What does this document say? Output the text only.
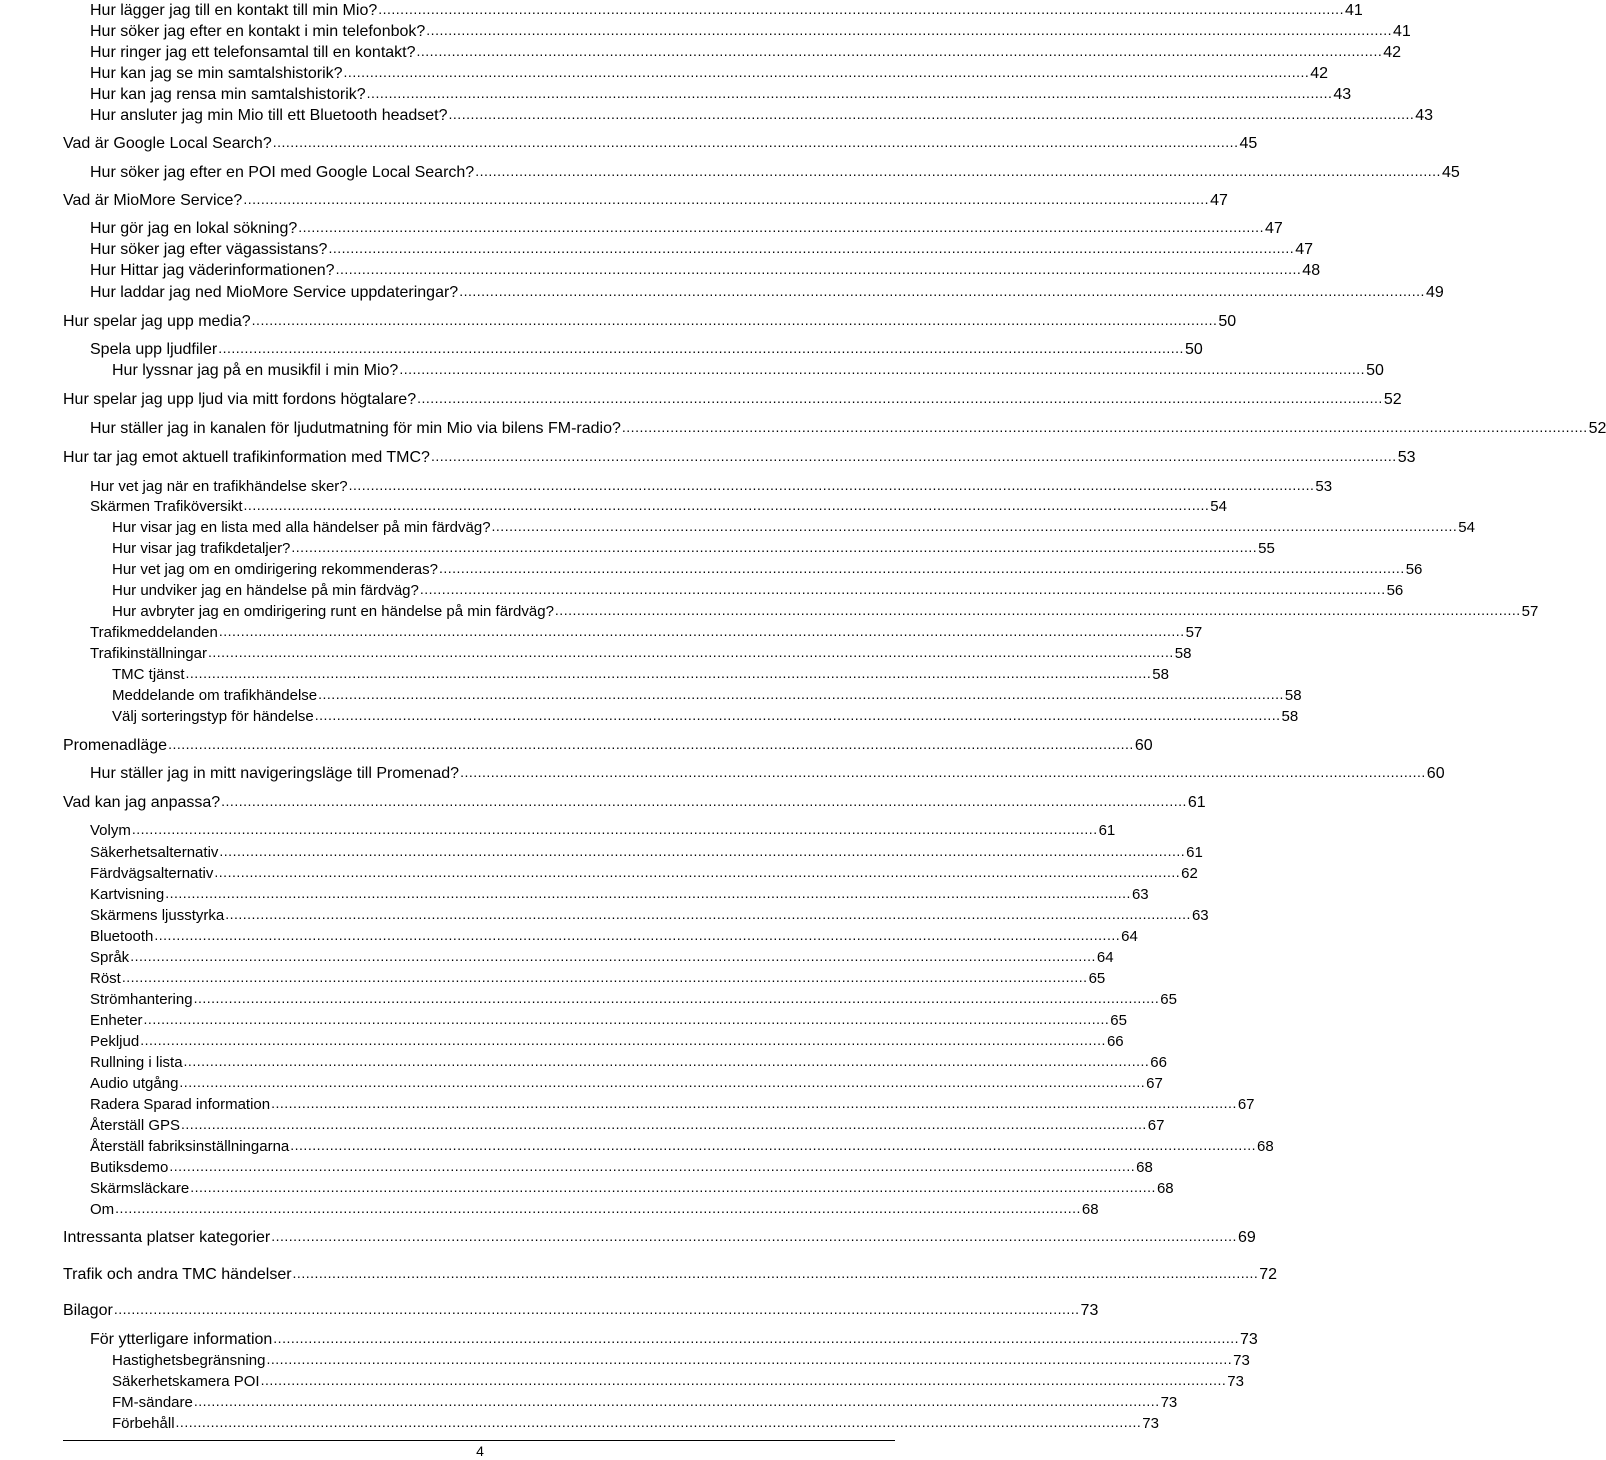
Hur lägger jag till en kontakt till min Mio? ............................................................................................................................................................................................................................ 41
Hur söker jag efter en kontakt i min telefonbok? ............................................................................................................................................................................................................................ 41
Hur ringer jag ett telefonsamtal till en kontakt? ............................................................................................................................................................................................................................ 42
Hur kan jag se min samtalshistorik? ............................................................................................................................................................................................................................ 42
Hur kan jag rensa min samtalshistorik? ............................................................................................................................................................................................................................ 43
Hur ansluter jag min Mio till ett Bluetooth headset? ............................................................................................................................................................................................................................ 43
Vad är Google Local Search? ............................................................................................................................................................................................................................ 45
Hur söker jag efter en POI med Google Local Search? ............................................................................................................................................................................................................................ 45
Vad är MioMore Service? ............................................................................................................................................................................................................................ 47
Hur gör jag en lokal sökning? ............................................................................................................................................................................................................................ 47
Hur söker jag efter vägassistans? ............................................................................................................................................................................................................................ 47
Hur Hittar jag väderinformationen? ............................................................................................................................................................................................................................ 48
Hur laddar jag ned MioMore Service uppdateringar? ............................................................................................................................................................................................................................ 49
Hur spelar jag upp media? ............................................................................................................................................................................................................................ 50
Spela upp ljudfiler ............................................................................................................................................................................................................................ 50
Hur lyssnar jag på en musikfil i min Mio? ............................................................................................................................................................................................................................ 50
Hur spelar jag upp ljud via mitt fordons högtalare? ............................................................................................................................................................................................................................ 52
Hur ställer jag in kanalen för ljudutmatning för min Mio via bilens FM-radio? ............................................................................................................................................................................................................................ 52
Hur tar jag emot aktuell trafikinformation med TMC? ............................................................................................................................................................................................................................ 53
Hur vet jag när en trafikhändelse sker? ............................................................................................................................................................................................................................ 53
Skärmen Trafiköversikt ............................................................................................................................................................................................................................ 54
Hur visar jag en lista med alla händelser på min färdväg? ............................................................................................................................................................................................................................ 54
Hur visar jag trafikdetaljer? ............................................................................................................................................................................................................................ 55
Hur vet jag om en omdirigering rekommenderas? ............................................................................................................................................................................................................................ 56
Hur undviker jag en händelse på min färdväg? ............................................................................................................................................................................................................................ 56
Hur avbryter jag en omdirigering runt en händelse på min färdväg? ............................................................................................................................................................................................................................ 57
Trafikmeddelanden ............................................................................................................................................................................................................................ 57
Trafikinställningar ............................................................................................................................................................................................................................ 58
TMC tjänst ............................................................................................................................................................................................................................ 58
Meddelande om trafikhändelse ............................................................................................................................................................................................................................ 58
Välj sorteringstyp för händelse ............................................................................................................................................................................................................................ 58
Promenadläge ............................................................................................................................................................................................................................ 60
Hur ställer jag in mitt navigeringsläge till Promenad? ............................................................................................................................................................................................................................ 60
Vad kan jag anpassa? ............................................................................................................................................................................................................................ 61
Volym ............................................................................................................................................................................................................................ 61
Säkerhetsalternativ ............................................................................................................................................................................................................................ 61
Färdvägsalternativ ............................................................................................................................................................................................................................ 62
Kartvisning ............................................................................................................................................................................................................................ 63
Skärmens ljusstyrka ............................................................................................................................................................................................................................ 63
Bluetooth ............................................................................................................................................................................................................................ 64
Språk ............................................................................................................................................................................................................................ 64
Röst ............................................................................................................................................................................................................................ 65
Strömhantering ............................................................................................................................................................................................................................ 65
Enheter ............................................................................................................................................................................................................................ 65
Pekljud ............................................................................................................................................................................................................................ 66
Rullning i lista ............................................................................................................................................................................................................................ 66
Audio utgång ............................................................................................................................................................................................................................ 67
Radera Sparad information ............................................................................................................................................................................................................................ 67
Återställ GPS ............................................................................................................................................................................................................................ 67
Återställ fabriksinställningarna ............................................................................................................................................................................................................................ 68
Butiksdemo ............................................................................................................................................................................................................................ 68
Skärmsläckare ............................................................................................................................................................................................................................ 68
Om ............................................................................................................................................................................................................................ 68
Intressanta platser kategorier ............................................................................................................................................................................................................................ 69
Trafik och andra TMC händelser ............................................................................................................................................................................................................................ 72
Bilagor ............................................................................................................................................................................................................................ 73
För ytterligare information ............................................................................................................................................................................................................................ 73
Hastighetsbegränsning ............................................................................................................................................................................................................................ 73
Säkerhetskamera POI ............................................................................................................................................................................................................................ 73
FM-sändare ............................................................................................................................................................................................................................ 73
Förbehåll ............................................................................................................................................................................................................................ 73
4
